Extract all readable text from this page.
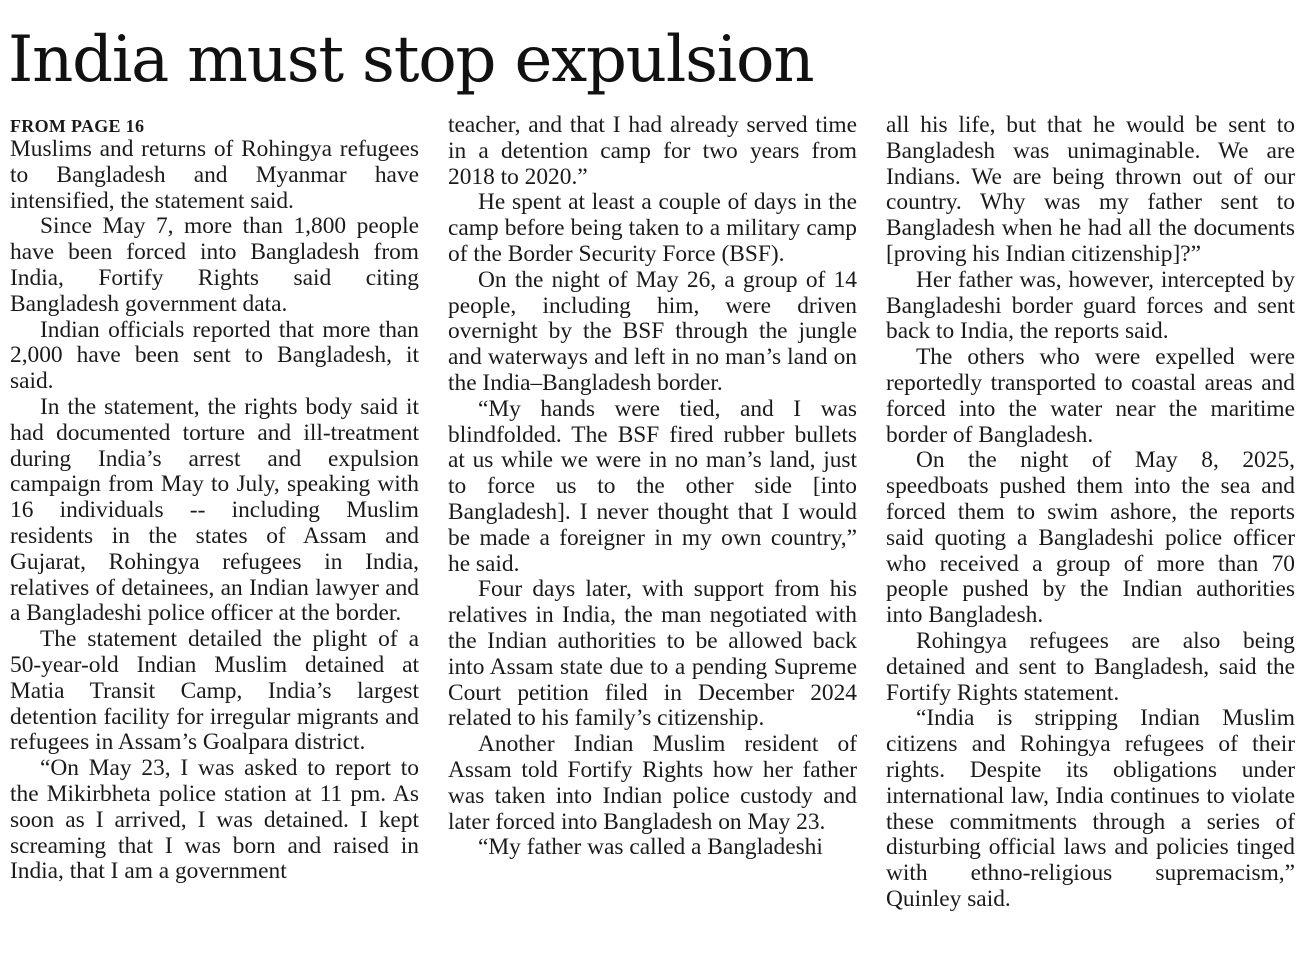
India must stop expulsion
FROM PAGE 16

Muslims and returns of Rohingya refugees to Bangladesh and Myanmar have intensified, the statement said.

Since May 7, more than 1,800 people have been forced into Bangladesh from India, Fortify Rights said citing Bangladesh government data.

Indian officials reported that more than 2,000 have been sent to Bangladesh, it said.

In the statement, the rights body said it had documented torture and ill-treatment during India’s arrest and expulsion campaign from May to July, speaking with 16 individuals -- including Muslim residents in the states of Assam and Gujarat, Rohingya refugees in India, relatives of detainees, an Indian lawyer and a Bangladeshi police officer at the border.

The statement detailed the plight of a 50-year-old Indian Muslim detained at Matia Transit Camp, India’s largest detention facility for irregular migrants and refugees in Assam’s Goalpara district.

“On May 23, I was asked to report to the Mikirbheta police station at 11 pm. As soon as I arrived, I was detained. I kept screaming that I was born and raised in India, that I am a government

teacher, and that I had already served time in a detention camp for two years from 2018 to 2020.”

He spent at least a couple of days in the camp before being taken to a military camp of the Border Security Force (BSF).

On the night of May 26, a group of 14 people, including him, were driven overnight by the BSF through the jungle and waterways and left in no man’s land on the India–Bangladesh border.

“My hands were tied, and I was blindfolded. The BSF fired rubber bullets at us while we were in no man’s land, just to force us to the other side [into Bangladesh]. I never thought that I would be made a foreigner in my own country,” he said.

Four days later, with support from his relatives in India, the man negotiated with the Indian authorities to be allowed back into Assam state due to a pending Supreme Court petition filed in December 2024 related to his family’s citizenship.

Another Indian Muslim resident of Assam told Fortify Rights how her father was taken into Indian police custody and later forced into Bangladesh on May 23.

“My father was called a Bangladeshi

all his life, but that he would be sent to Bangladesh was unimaginable. We are Indians. We are being thrown out of our country. Why was my father sent to Bangladesh when he had all the documents [proving his Indian citizenship]?”

Her father was, however, intercepted by Bangladeshi border guard forces and sent back to India, the reports said.

The others who were expelled were reportedly transported to coastal areas and forced into the water near the maritime border of Bangladesh.

On the night of May 8, 2025, speedboats pushed them into the sea and forced them to swim ashore, the reports said quoting a Bangladeshi police officer who received a group of more than 70 people pushed by the Indian authorities into Bangladesh.

Rohingya refugees are also being detained and sent to Bangladesh, said the Fortify Rights statement.

“India is stripping Indian Muslim citizens and Rohingya refugees of their rights. Despite its obligations under international law, India continues to violate these commitments through a series of disturbing official laws and policies tinged with ethno-religious supremacism,” Quinley said.
